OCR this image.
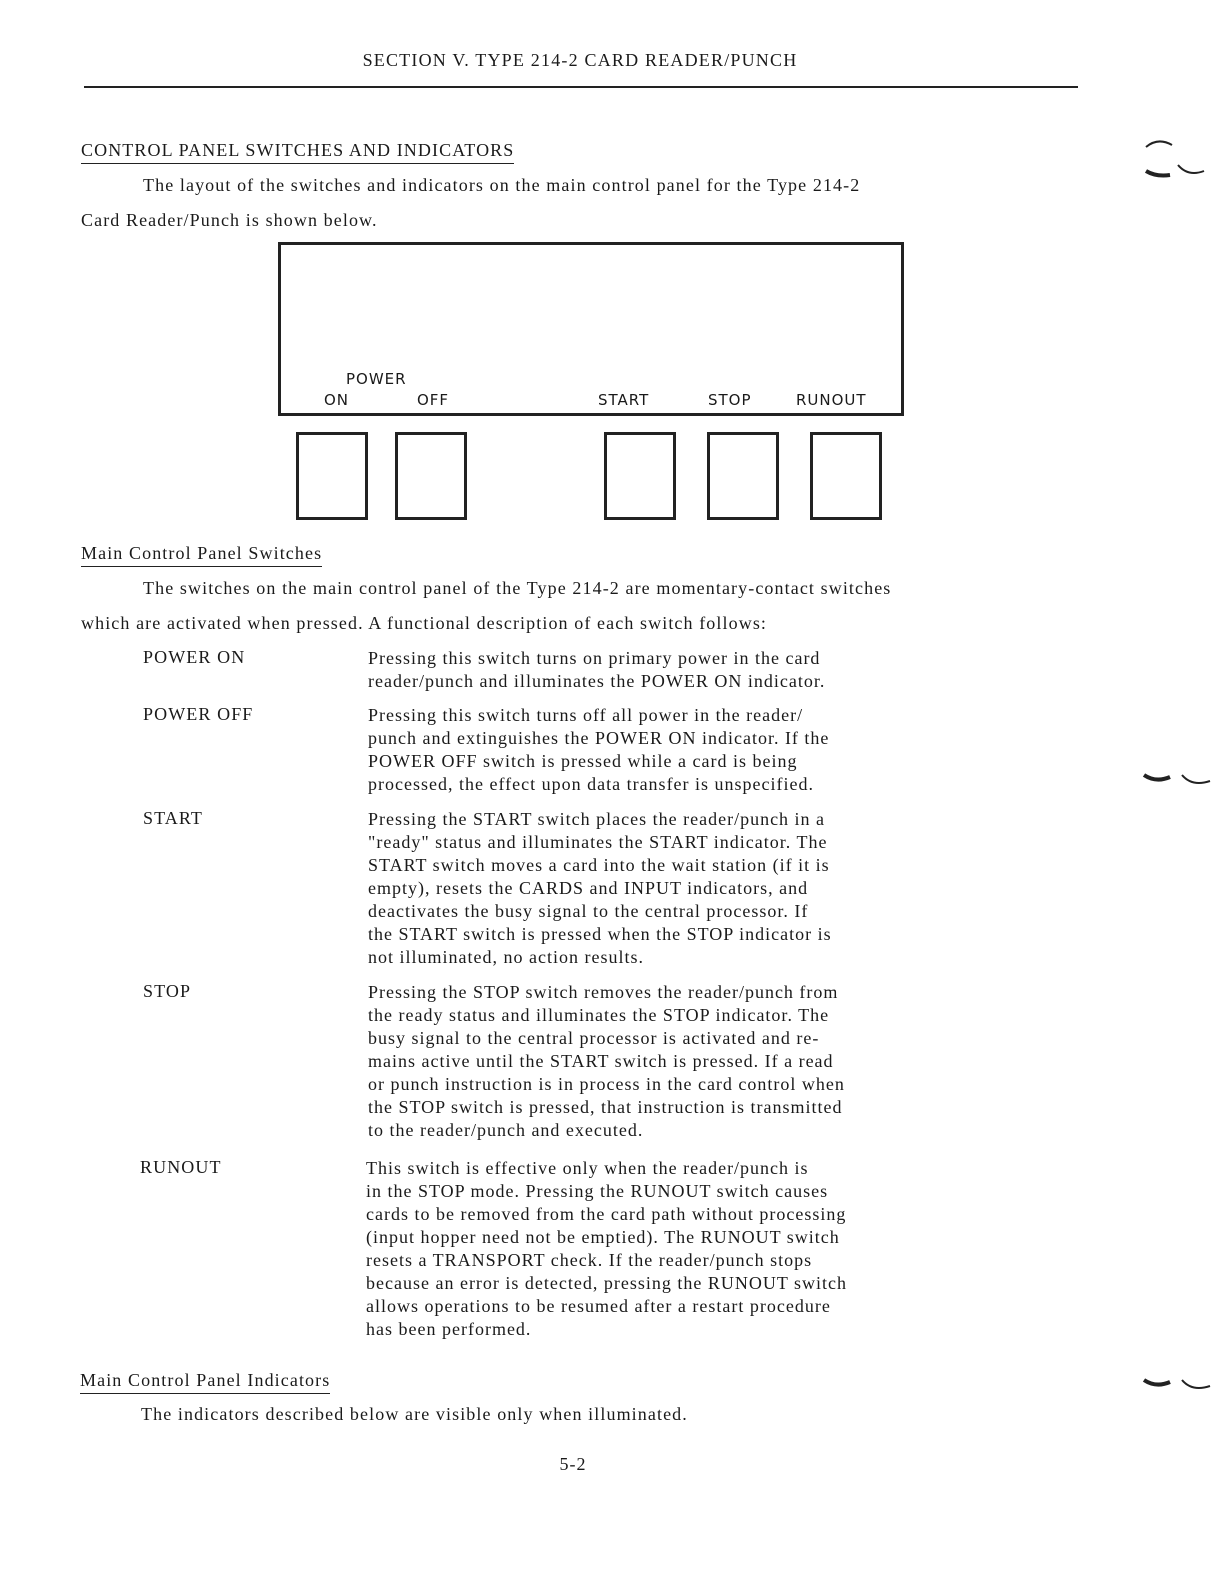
SECTION V. TYPE 214-2 CARD READER/PUNCH
CONTROL PANEL SWITCHES AND INDICATORS
The layout of the switches and indicators on the main control panel for the Type 214-2
Card Reader/Punch is shown below.
POWER
ON	OFF	START	STOP	RUNOUT
Main Control Panel Switches
The switches on the main control panel of the Type 214-2 are momentary-contact switches
which are activated when pressed. A functional description of each switch follows:
POWER ON	Pressing this switch turns on primary power in the card
reader/punch and illuminates the POWER ON indicator.
POWER OFF	Pressing this switch turns off all power in the reader/
punch and extinguishes the POWER ON indicator. If the
POWER OFF switch is pressed while a card is being
processed, the effect upon data transfer is unspecified.
START	Pressing the START switch places the reader/punch in a
"ready" status and illuminates the START indicator. The
START switch moves a card into the wait station (if it is
empty), resets the CARDS and INPUT indicators, and
deactivates the busy signal to the central processor. If
the START switch is pressed when the STOP indicator is
not illuminated, no action results.
STOP	Pressing the STOP switch removes the reader/punch from
the ready status and illuminates the STOP indicator. The
busy signal to the central processor is activated and re-
mains active until the START switch is pressed. If a read
or punch instruction is in process in the card control when
the STOP switch is pressed, that instruction is transmitted
to the reader/punch and executed.
RUNOUT	This switch is effective only when the reader/punch is
in the STOP mode. Pressing the RUNOUT switch causes
cards to be removed from the card path without processing
(input hopper need not be emptied). The RUNOUT switch
resets a TRANSPORT check. If the reader/punch stops
because an error is detected, pressing the RUNOUT switch
allows operations to be resumed after a restart procedure
has been performed.
Main Control Panel Indicators
The indicators described below are visible only when illuminated.
5-2
